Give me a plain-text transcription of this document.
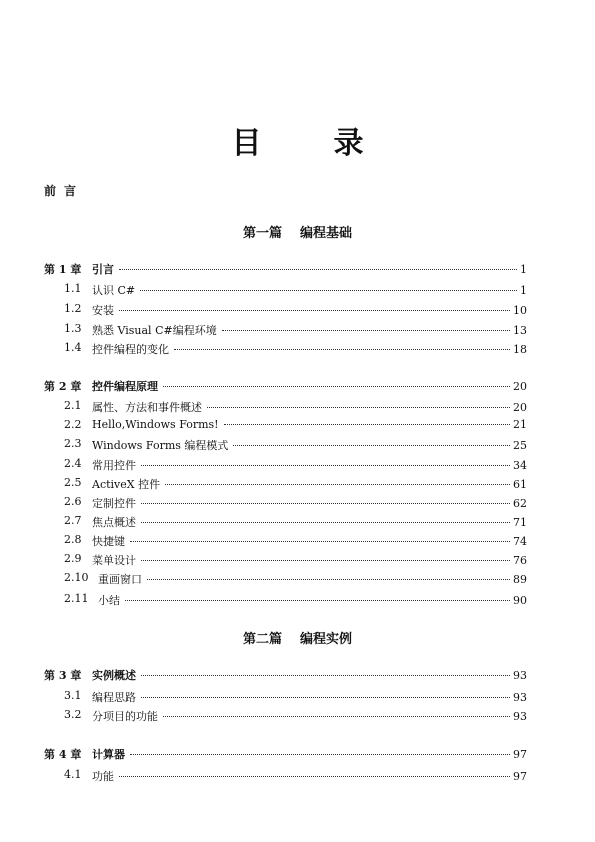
目 录
前言
第一篇 编程基础
第 1 章 引言	1
1.1 认识 C#	1
1.2 安装	10
1.3 熟悉 Visual C#编程环境	13
1.4 控件编程的变化	18
第 2 章 控件编程原理	20
2.1 属性、方法和事件概述	20
2.2 Hello,Windows Forms!	21
2.3 Windows Forms 编程模式	25
2.4 常用控件	34
2.5 ActiveX 控件	61
2.6 定制控件	62
2.7 焦点概述	71
2.8 快捷键	74
2.9 菜单设计	76
2.10 重画窗口	89
2.11 小结	90
第二篇 编程实例
第 3 章 实例概述	93
3.1 编程思路	93
3.2 分项目的功能	93
第 4 章 计算器	97
4.1 功能	97
